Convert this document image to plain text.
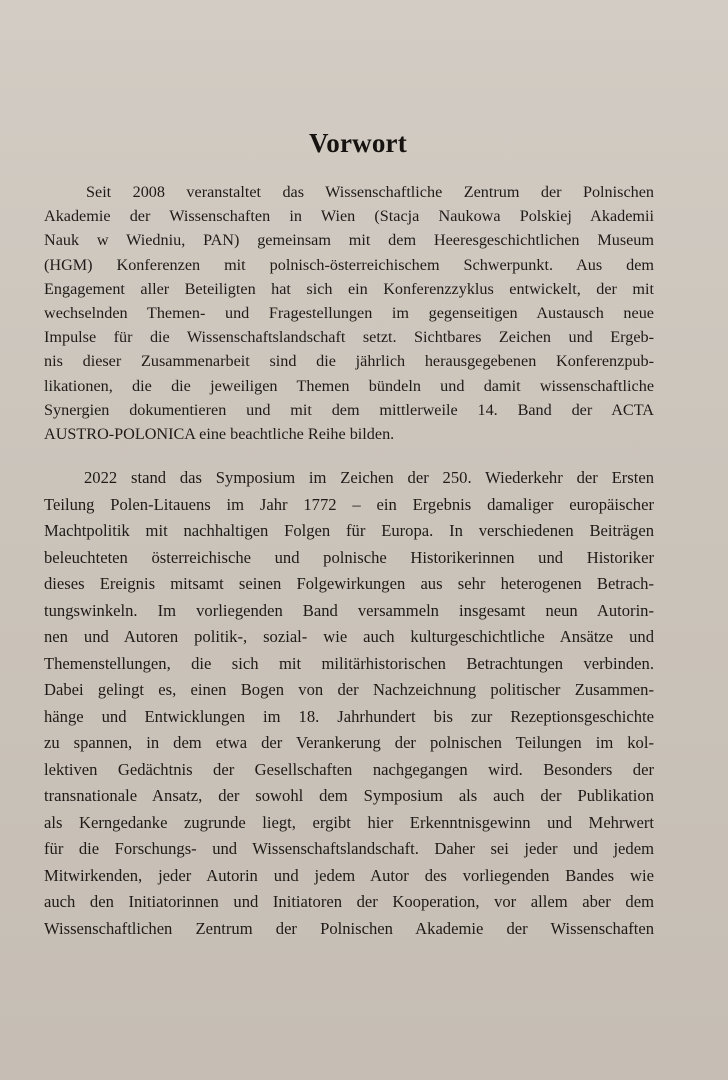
Vorwort
Seit 2008 veranstaltet das Wissenschaftliche Zentrum der Polnischen
Akademie der Wissenschaften in Wien (Stacja Naukowa Polskiej Akademii
Nauk w Wiedniu, PAN) gemeinsam mit dem Heeresgeschichtlichen Museum
(HGM) Konferenzen mit polnisch-österreichischem Schwerpunkt. Aus dem
Engagement aller Beteiligten hat sich ein Konferenzzyklus entwickelt, der mit
wechselnden Themen- und Fragestellungen im gegenseitigen Austausch neue
Impulse für die Wissenschaftslandschaft setzt. Sichtbares Zeichen und Ergeb-
nis dieser Zusammenarbeit sind die jährlich herausgegebenen Konferenzpub-
likationen, die die jeweiligen Themen bündeln und damit wissenschaftliche
Synergien dokumentieren und mit dem mittlerweile 14. Band der ACTA
AUSTRO-POLONICA eine beachtliche Reihe bilden.
2022 stand das Symposium im Zeichen der 250. Wiederkehr der Ersten
Teilung Polen-Litauens im Jahr 1772 – ein Ergebnis damaliger europäischer
Machtpolitik mit nachhaltigen Folgen für Europa. In verschiedenen Beiträgen
beleuchteten österreichische und polnische Historikerinnen und Historiker
dieses Ereignis mitsamt seinen Folgewirkungen aus sehr heterogenen Betrach-
tungswinkeln. Im vorliegenden Band versammeln insgesamt neun Autorin-
nen und Autoren politik-, sozial- wie auch kulturgeschichtliche Ansätze und
Themenstellungen, die sich mit militärhistorischen Betrachtungen verbinden.
Dabei gelingt es, einen Bogen von der Nachzeichnung politischer Zusammen-
hänge und Entwicklungen im 18. Jahrhundert bis zur Rezeptionsgeschichte
zu spannen, in dem etwa der Verankerung der polnischen Teilungen im kol-
lektiven Gedächtnis der Gesellschaften nachgegangen wird. Besonders der
transnationale Ansatz, der sowohl dem Symposium als auch der Publikation
als Kerngedanke zugrunde liegt, ergibt hier Erkenntnisgewinn und Mehrwert
für die Forschungs- und Wissenschaftslandschaft. Daher sei jeder und jedem
Mitwirkenden, jeder Autorin und jedem Autor des vorliegenden Bandes wie
auch den Initiatorinnen und Initiatoren der Kooperation, vor allem aber dem
Wissenschaftlichen Zentrum der Polnischen Akademie der Wissenschaften
